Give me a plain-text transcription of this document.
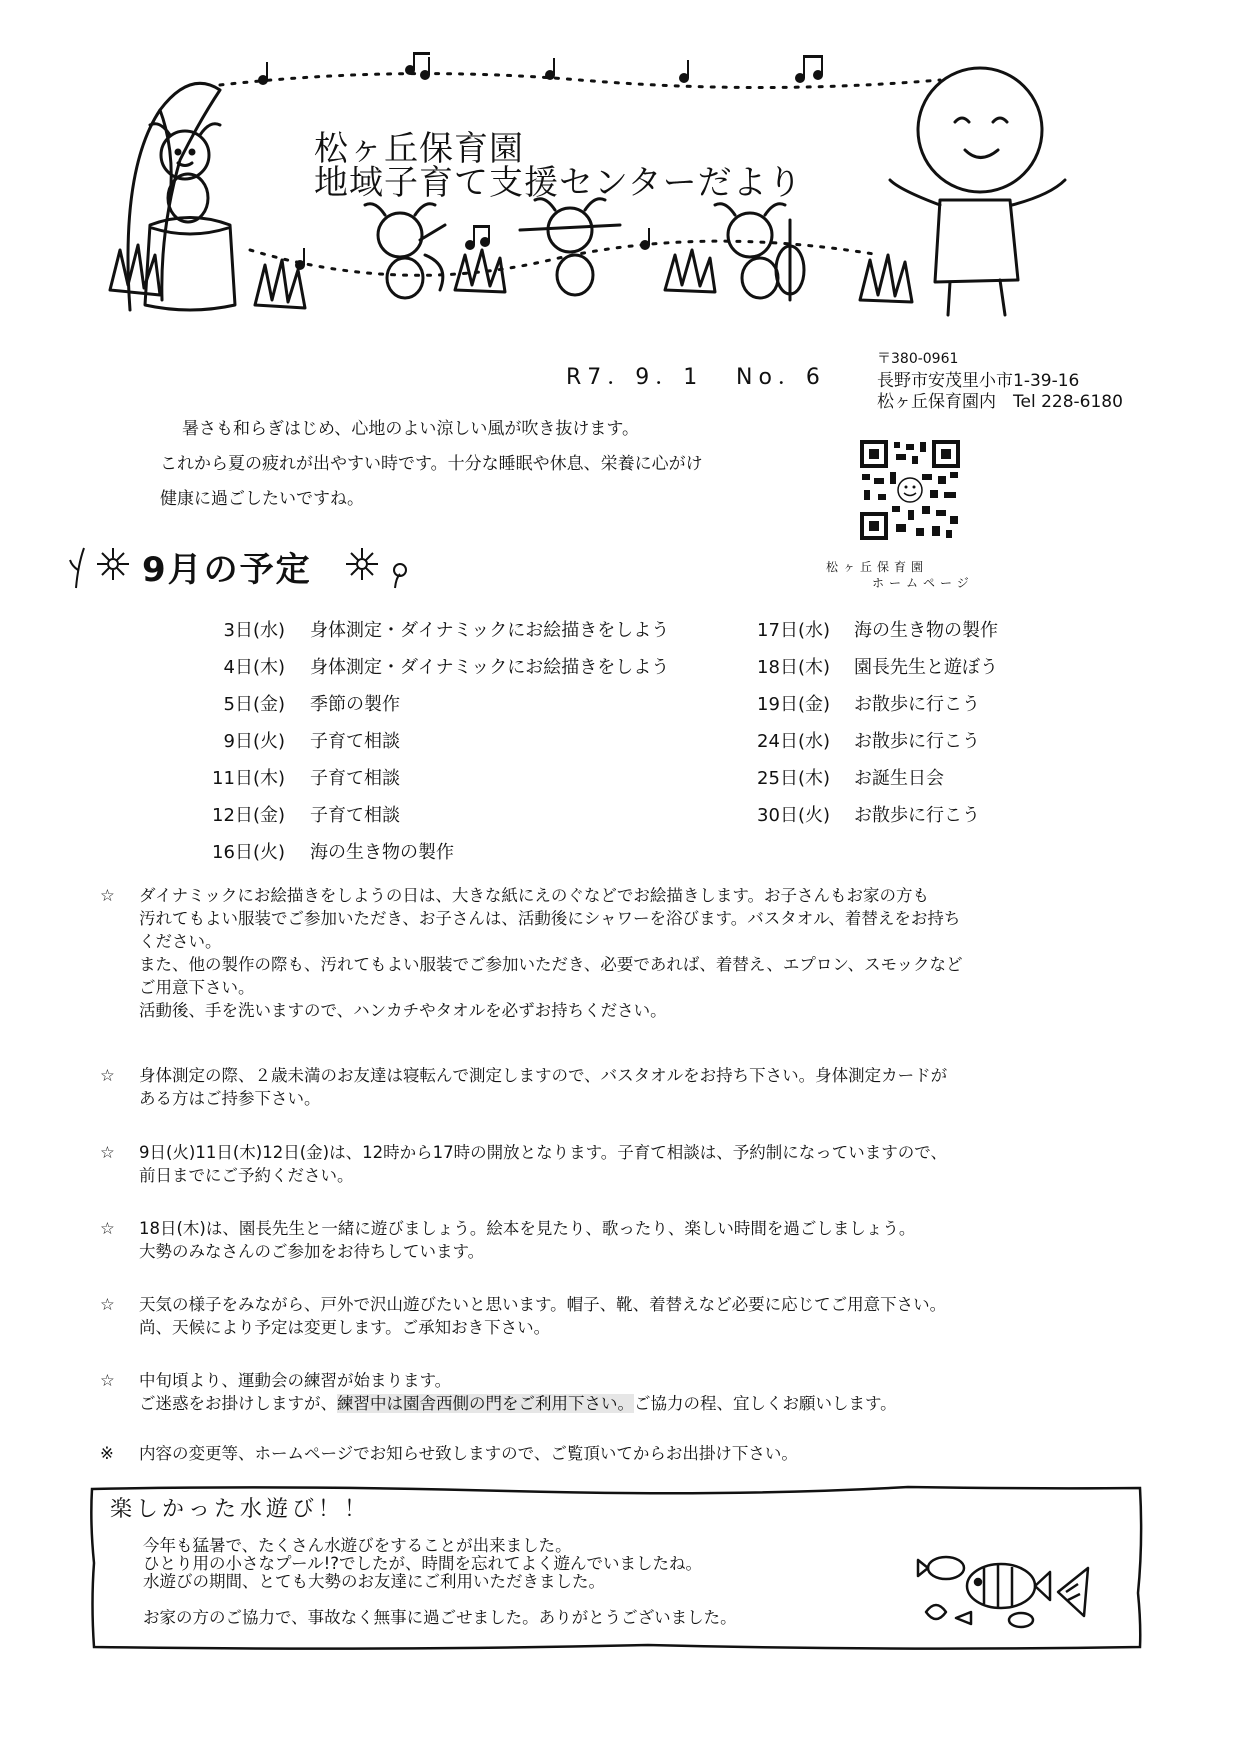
松ヶ丘保育園
地域子育て支援センターだより
R7．9．1 No．6
〒380-0961
長野市安茂里小市1-39-16
松ヶ丘保育園内　Tel 228-6180
暑さも和らぎはじめ、心地のよい涼しい風が吹き抜けます。
これから夏の疲れが出やすい時です。十分な睡眠や休息、栄養に心がけ
健康に過ごしたいですね。
松ヶ丘保育園
ホームページ
9月の予定
3日(水) 身体測定・ダイナミックにお絵描きをしよう
4日(木) 身体測定・ダイナミックにお絵描きをしよう
5日(金) 季節の製作
9日(火) 子育て相談
11日(木) 子育て相談
12日(金) 子育て相談
16日(火) 海の生き物の製作
17日(水) 海の生き物の製作
18日(木) 園長先生と遊ぼう
19日(金) お散歩に行こう
24日(水) お散歩に行こう
25日(木) お誕生日会
30日(火) お散歩に行こう
☆	ダイナミックにお絵描きをしようの日は、大きな紙にえのぐなどでお絵描きします。お子さんもお家の方も
汚れてもよい服装でご参加いただき、お子さんは、活動後にシャワーを浴びます。バスタオル、着替えをお持ち
ください。
また、他の製作の際も、汚れてもよい服装でご参加いただき、必要であれば、着替え、エプロン、スモックなど
ご用意下さい。
活動後、手を洗いますので、ハンカチやタオルを必ずお持ちください。
☆	身体測定の際、２歳未満のお友達は寝転んで測定しますので、バスタオルをお持ち下さい。身体測定カードが
ある方はご持参下さい。
☆	9日(火)11日(木)12日(金)は、12時から17時の開放となります。子育て相談は、予約制になっていますので、
前日までにご予約ください。
☆	18日(木)は、園長先生と一緒に遊びましょう。絵本を見たり、歌ったり、楽しい時間を過ごしましょう。
大勢のみなさんのご参加をお待ちしています。
☆	天気の様子をみながら、戸外で沢山遊びたいと思います。帽子、靴、着替えなど必要に応じてご用意下さい。
尚、天候により予定は変更します。ご承知おき下さい。
☆	中旬頃より、運動会の練習が始まります。
ご迷惑をお掛けしますが、練習中は園舎西側の門をご利用下さい。ご協力の程、宜しくお願いします。
※	内容の変更等、ホームページでお知らせ致しますので、ご覧頂いてからお出掛け下さい。
楽しかった水遊び！！
今年も猛暑で、たくさん水遊びをすることが出来ました。
ひとり用の小さなプール!?でしたが、時間を忘れてよく遊んでいましたね。
水遊びの期間、とても大勢のお友達にご利用いただきました。
お家の方のご協力で、事故なく無事に過ごせました。ありがとうございました。
